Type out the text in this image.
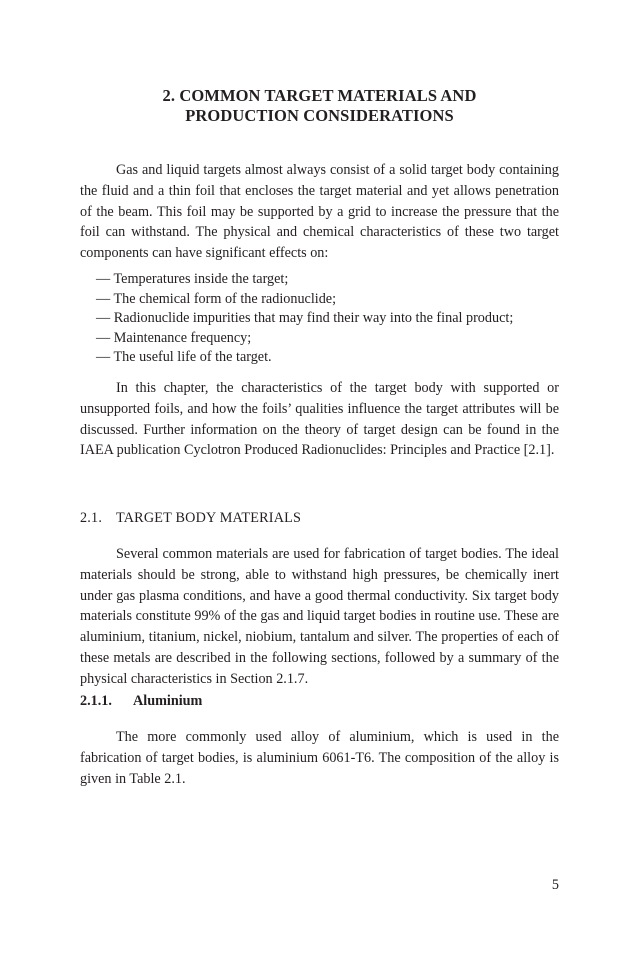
2. COMMON TARGET MATERIALS AND
PRODUCTION CONSIDERATIONS

Gas and liquid targets almost always consist of a solid target body containing the fluid and a thin foil that encloses the target material and yet allows penetration of the beam. This foil may be supported by a grid to increase the pressure that the foil can withstand. The physical and chemical characteristics of these two target components can have significant effects on:

— Temperatures inside the target;
— The chemical form of the radionuclide;
— Radionuclide impurities that may find their way into the final product;
— Maintenance frequency;
— The useful life of the target.

In this chapter, the characteristics of the target body with supported or unsupported foils, and how the foils’ qualities influence the target attributes will be discussed. Further information on the theory of target design can be found in the IAEA publication Cyclotron Produced Radionuclides: Principles and Practice [2.1].

2.1. TARGET BODY MATERIALS

Several common materials are used for fabrication of target bodies. The ideal materials should be strong, able to withstand high pressures, be chemically inert under gas plasma conditions, and have a good thermal conductivity. Six target body materials constitute 99% of the gas and liquid target bodies in routine use. These are aluminium, titanium, nickel, niobium, tantalum and silver. The properties of each of these metals are described in the following sections, followed by a summary of the physical characteristics in Section 2.1.7.

2.1.1. Aluminium

The more commonly used alloy of aluminium, which is used in the fabrication of target bodies, is aluminium 6061-T6. The composition of the alloy is given in Table 2.1.

5
